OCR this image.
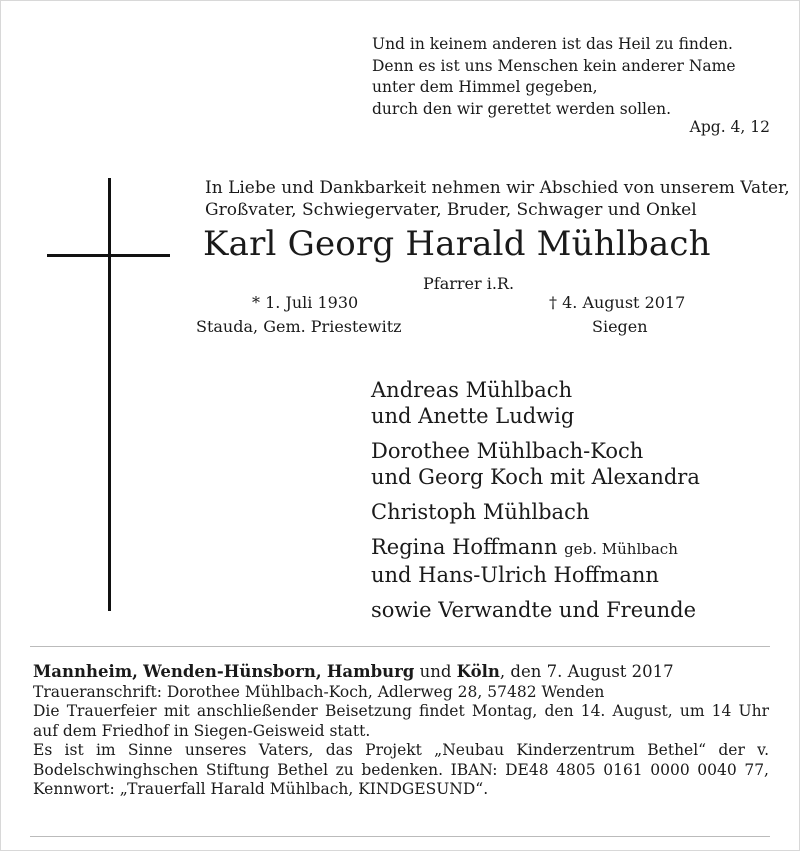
Und in keinem anderen ist das Heil zu finden.
Denn es ist uns Menschen kein anderer Name
unter dem Himmel gegeben,
durch den wir gerettet werden sollen.
Apg. 4, 12
In Liebe und Dankbarkeit nehmen wir Abschied von unserem Vater,
Großvater, Schwiegervater, Bruder, Schwager und Onkel
Karl Georg Harald Mühlbach
Pfarrer i.R.
* 1. Juli 1930
Stauda, Gem. Priestewitz
† 4. August 2017
Siegen
Andreas Mühlbach
und Anette Ludwig
Dorothee Mühlbach-Koch
und Georg Koch mit Alexandra
Christoph Mühlbach
Regina Hoffmann geb. Mühlbach
und Hans-Ulrich Hoffmann
sowie Verwandte und Freunde

Mannheim, Wenden-Hünsborn, Hamburg und Köln, den 7. August 2017

Traueranschrift: Dorothee Mühlbach-Koch, Adlerweg 28, 57482 Wenden

Die Trauerfeier mit anschließender Beisetzung findet Montag, den 14. August, um 14 Uhr auf dem Friedhof in Siegen-Geisweid statt.

Es ist im Sinne unseres Vaters, das Projekt „Neubau Kinderzentrum Bethel“ der v. Bodelschwinghschen Stiftung Bethel zu bedenken. IBAN: DE48 4805 0161 0000 0040 77, Kennwort: „Trauerfall Harald Mühlbach, KINDGESUND“.
